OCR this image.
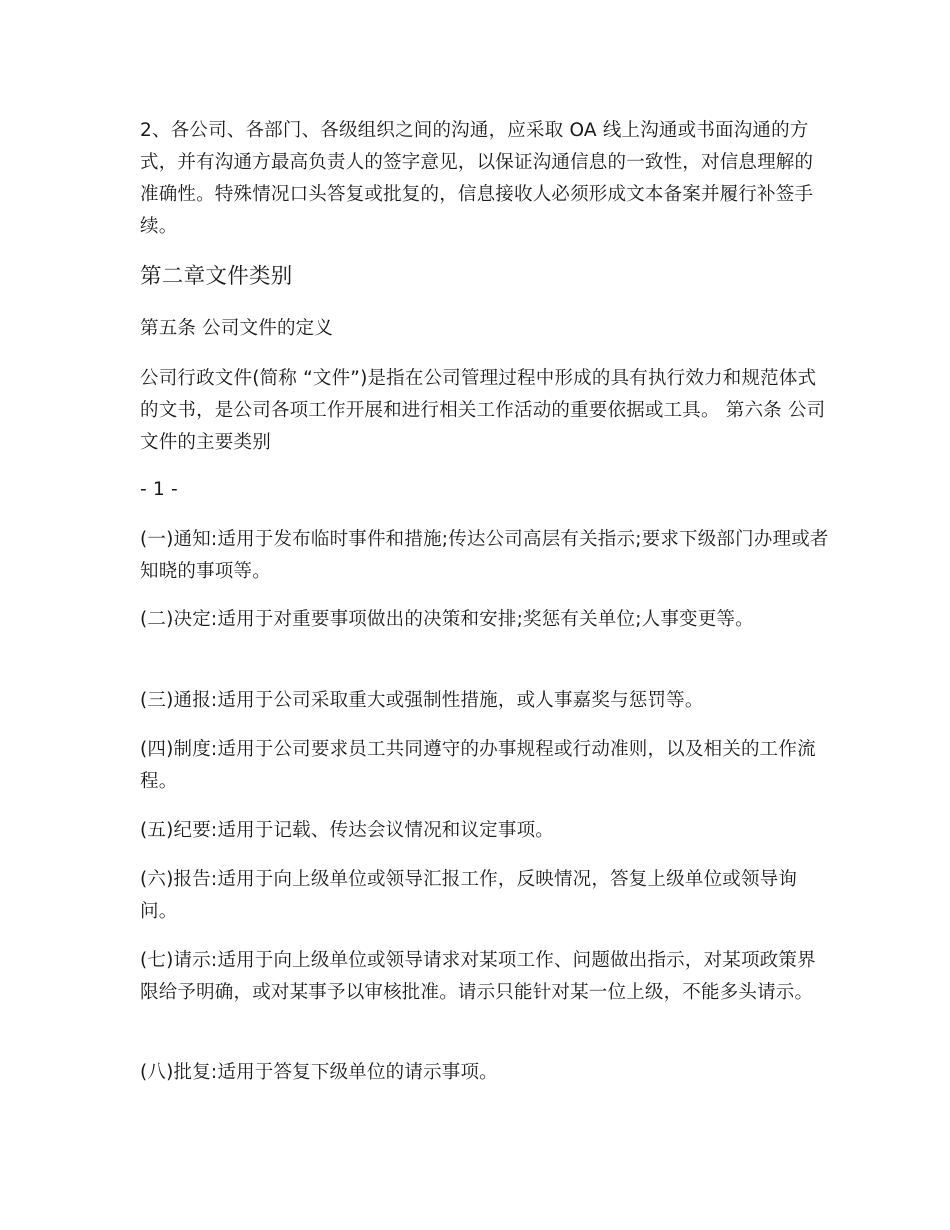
2、各公司、各部门、各级组织之间的沟通，应采取 OA 线上沟通或书面沟通的方式，并有沟通方最高负责人的签字意见，以保证沟通信息的一致性，对信息理解的准确性。特殊情况口头答复或批复的，信息接收人必须形成文本备案并履行补签手续。

第二章文件类别

第五条 公司文件的定义

公司行政文件(简称 “文件”)是指在公司管理过程中形成的具有执行效力和规范体式的文书，是公司各项工作开展和进行相关工作活动的重要依据或工具。 第六条 公司文件的主要类别

- 1 -

(一)通知:适用于发布临时事件和措施;传达公司高层有关指示;要求下级部门办理或者知晓的事项等。

(二)决定:适用于对重要事项做出的决策和安排;奖惩有关单位;人事变更等。

(三)通报:适用于公司采取重大或强制性措施，或人事嘉奖与惩罚等。

(四)制度:适用于公司要求员工共同遵守的办事规程或行动准则，以及相关的工作流程。

(五)纪要:适用于记载、传达会议情况和议定事项。

(六)报告:适用于向上级单位或领导汇报工作，反映情况，答复上级单位或领导询问。

(七)请示:适用于向上级单位或领导请求对某项工作、问题做出指示，对某项政策界限给予明确，或对某事予以审核批准。请示只能针对某一位上级，不能多头请示。

(八)批复:适用于答复下级单位的请示事项。
